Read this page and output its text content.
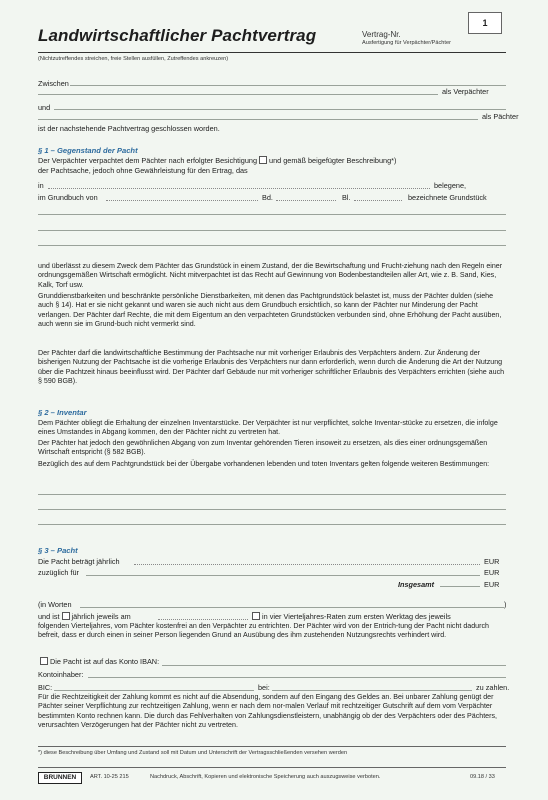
Landwirtschaftlicher Pachtvertrag	Vertrag-Nr.
Ausfertigung für Verpächter/Pächter
1
(Nichtzutreffendes streichen, freie Stellen ausfüllen, Zutreffendes ankreuzen)
Zwischen
als Verpächter
und
als Pächter
ist der nachstehende Pachtvertrag geschlossen worden.
§ 1 – Gegenstand der Pacht
Der Verpächter verpachtet dem Pächter nach erfolgter Besichtigung und gemäß beigefügter Beschreibung*)
der Pachtsache, jedoch ohne Gewährleistung für den Ertrag, das
in	belegene,
im Grundbuch von	Bd.	Bl.	bezeichnete Grundstück

und überlässt zu diesem Zweck dem Pächter das Grundstück in einem Zustand, der die Bewirtschaftung und Frucht-ziehung nach den Regeln einer ordnungsgemäßen Wirtschaft ermöglicht. Nicht mitverpachtet ist das Recht auf Gewinnung von Bodenbestandteilen aller Art, wie z. B. Sand, Kies, Kalk, Torf usw.

Grunddienstbarkeiten und beschränkte persönliche Dienstbarkeiten, mit denen das Pachtgrundstück belastet ist, muss der Pächter dulden (siehe auch § 14). Hat er sie nicht gekannt und waren sie auch nicht aus dem Grundbuch ersichtlich, so kann der Pächter nur Minderung der Pacht verlangen. Der Pächter darf Rechte, die mit dem Eigentum an den verpachteten Grundstücken verbunden sind, ohne Erhöhung der Pacht ausüben, auch wenn sie im Grund-buch nicht vermerkt sind.

Der Pächter darf die landwirtschaftliche Bestimmung der Pachtsache nur mit vorheriger Erlaubnis des Verpächters ändern. Zur Änderung der bisherigen Nutzung der Pachtsache ist die vorherige Erlaubnis des Verpächters nur dann erforderlich, wenn durch die Änderung die Art der Nutzung über die Pachtzeit hinaus beeinflusst wird. Der Pächter darf Gebäude nur mit vorheriger schriftlicher Erlaubnis des Verpächters errichten (siehe auch § 590 BGB).

§ 2 – Inventar

Dem Pächter obliegt die Erhaltung der einzelnen Inventarstücke. Der Verpächter ist nur verpflichtet, solche Inventar-stücke zu ersetzen, die infolge eines Umstandes in Abgang kommen, den der Pächter nicht zu vertreten hat.

Der Pächter hat jedoch den gewöhnlichen Abgang von zum Inventar gehörenden Tieren insoweit zu ersetzen, als dies einer ordnungsgemäßen Wirtschaft entspricht (§ 582 BGB).

Bezüglich des auf dem Pachtgrundstück bei der Übergabe vorhandenen lebenden und toten Inventars gelten folgende weiteren Bestimmungen:

§ 3 – Pacht
Die Pacht beträgt jährlich	EUR
zuzüglich für	EUR
Insgesamt	EUR
(in Worten	)
und ist jährlich jeweils am	in vier Vierteljahres-Raten zum ersten Werktag des jeweils

folgenden Vierteljahres, vom Pächter kostenfrei an den Verpächter zu entrichten. Der Pächter wird von der Entrich-tung der Pacht nicht dadurch befreit, dass er durch einen in seiner Person liegenden Grund an Ausübung des ihm zustehenden Nutzungsrechts verhindert wird.

Die Pacht ist auf das Konto IBAN:
Kontoinhaber:
BIC:	bei:	zu zahlen.

Für die Rechtzeitigkeit der Zahlung kommt es nicht auf die Absendung, sondern auf den Eingang des Geldes an. Bei unbarer Zahlung genügt der Pächter seiner Verpflichtung zur rechtzeitigen Zahlung, wenn er nach dem nor-malen Verlauf mit rechtzeitiger Gutschrift auf dem vom Verpächter bestimmten Konto rechnen kann. Die durch das Fehlverhalten von Zahlungsdienstleistern, unabhängig ob der des Verpächters oder des Pächters, verursachten Verzögerungen hat der Pächter nicht zu vertreten.

*) diese Beschreibung über Umfang und Zustand soll mit Datum und Unterschrift der Vertragsschließenden versehen werden
BRUNNEN	ART. 10-25 215	Nachdruck, Abschrift, Kopieren und elektronische Speicherung auch auszugsweise verboten.	09.18 / 33
